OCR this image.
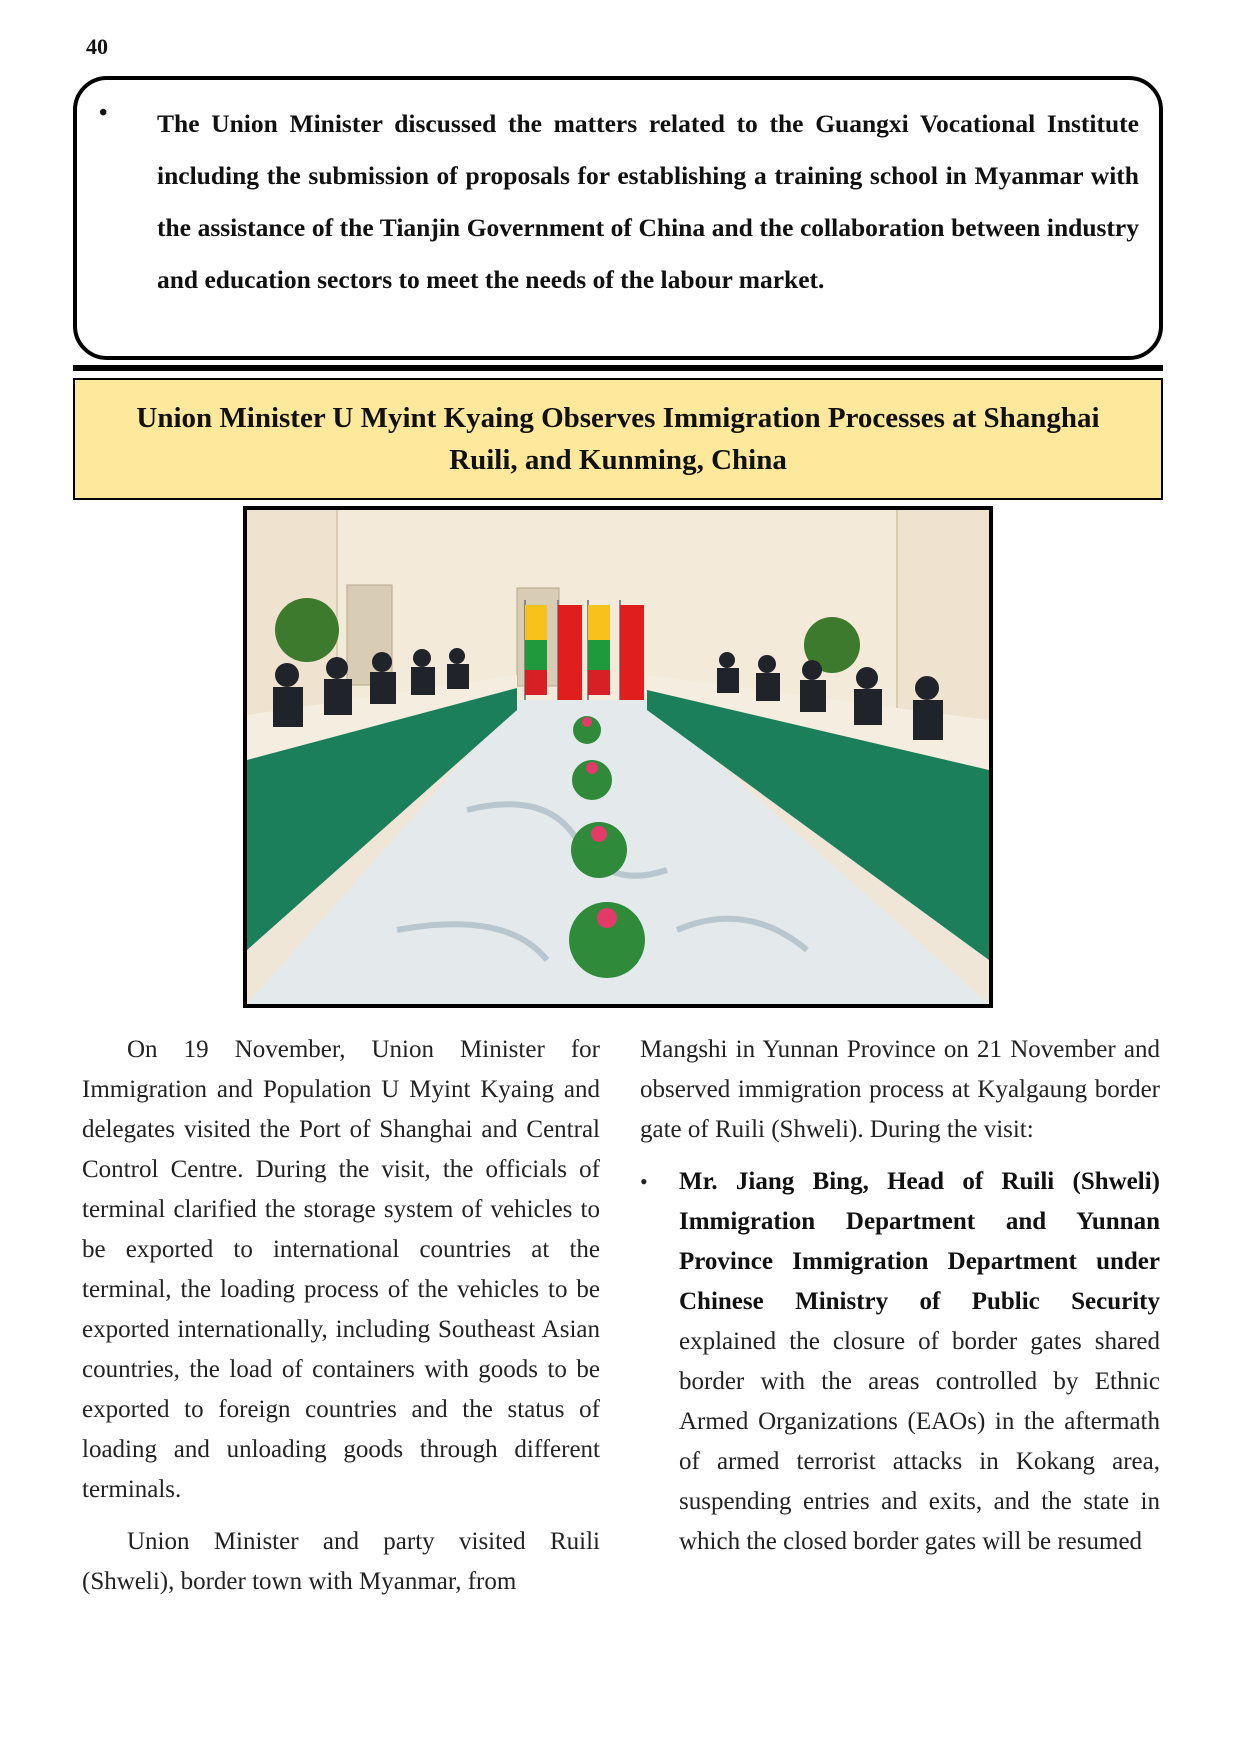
40
•	The Union Minister discussed the matters related to the Guangxi Vocational Institute including the submission of proposals for establishing a training school in Myanmar with the assistance of the Tianjin Government of China and the collaboration between industry and education sectors to meet the needs of the labour market.
Union Minister U Myint Kyaing Observes Immigration Processes at Shanghai
Ruili, and Kunming, China

On 19 November, Union Minister for Immigration and Population U Myint Kyaing and delegates visited the Port of Shanghai and Central Control Centre. During the visit, the officials of terminal clarified the storage system of vehicles to be exported to international countries at the terminal, the loading process of the vehicles to be exported internationally, including Southeast Asian countries, the load of containers with goods to be exported to foreign countries and the status of loading and unloading goods through different terminals.

Union Minister and party visited Ruili (Shweli), border town with Myanmar, from

Mangshi in Yunnan Province on 21 November and observed immigration process at Kyalgaung border gate of Ruili (Shweli). During the visit:

• Mr. Jiang Bing, Head of Ruili (Shweli) Immigration Department and Yunnan Province Immigration Department under Chinese Ministry of Public Security explained the closure of border gates shared border with the areas controlled by Ethnic Armed Organizations (EAOs) in the aftermath of armed terrorist attacks in Kokang area, suspending entries and exits, and the state in which the closed border gates will be resumed
